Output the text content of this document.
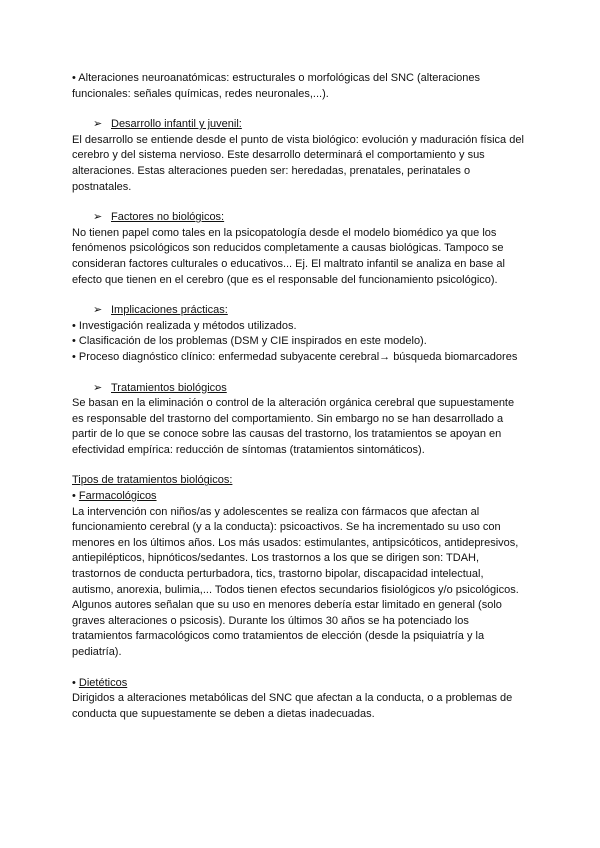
• Alteraciones neuroanatómicas: estructurales o morfológicas del SNC (alteraciones funcionales: señales químicas, redes neuronales,...).

➢ Desarrollo infantil y juvenil:

El desarrollo se entiende desde el punto de vista biológico: evolución y maduración física del cerebro y del sistema nervioso. Este desarrollo determinará el comportamiento y sus alteraciones. Estas alteraciones pueden ser: heredadas, prenatales, perinatales o postnatales.

➢ Factores no biológicos:

No tienen papel como tales en la psicopatología desde el modelo biomédico ya que los fenómenos psicológicos son reducidos completamente a causas biológicas. Tampoco se consideran factores culturales o educativos... Ej. El maltrato infantil se analiza en base al efecto que tienen en el cerebro (que es el responsable del funcionamiento psicológico).

➢ Implicaciones prácticas:

• Investigación realizada y métodos utilizados.

• Clasificación de los problemas (DSM y CIE inspirados en este modelo).

• Proceso diagnóstico clínico: enfermedad subyacente cerebral→ búsqueda biomarcadores

➢ Tratamientos biológicos

Se basan en la eliminación o control de la alteración orgánica cerebral que supuestamente es responsable del trastorno del comportamiento. Sin embargo no se han desarrollado a partir de lo que se conoce sobre las causas del trastorno, los tratamientos se apoyan en efectividad empírica: reducción de síntomas (tratamientos sintomáticos).

Tipos de tratamientos biológicos:

• Farmacológicos

La intervención con niños/as y adolescentes se realiza con fármacos que afectan al funcionamiento cerebral (y a la conducta): psicoactivos. Se ha incrementado su uso con menores en los últimos años. Los más usados: estimulantes, antipsicóticos, antidepresivos, antiepilépticos, hipnóticos/sedantes. Los trastornos a los que se dirigen son: TDAH, trastornos de conducta perturbadora, tics, trastorno bipolar, discapacidad intelectual, autismo, anorexia, bulimia,... Todos tienen efectos secundarios fisiológicos y/o psicológicos. Algunos autores señalan que su uso en menores debería estar limitado en general (solo graves alteraciones o psicosis). Durante los últimos 30 años se ha potenciado los tratamientos farmacológicos como tratamientos de elección (desde la psiquiatría y la pediatría).

• Dietéticos

Dirigidos a alteraciones metabólicas del SNC que afectan a la conducta, o a problemas de conducta que supuestamente se deben a dietas inadecuadas.
